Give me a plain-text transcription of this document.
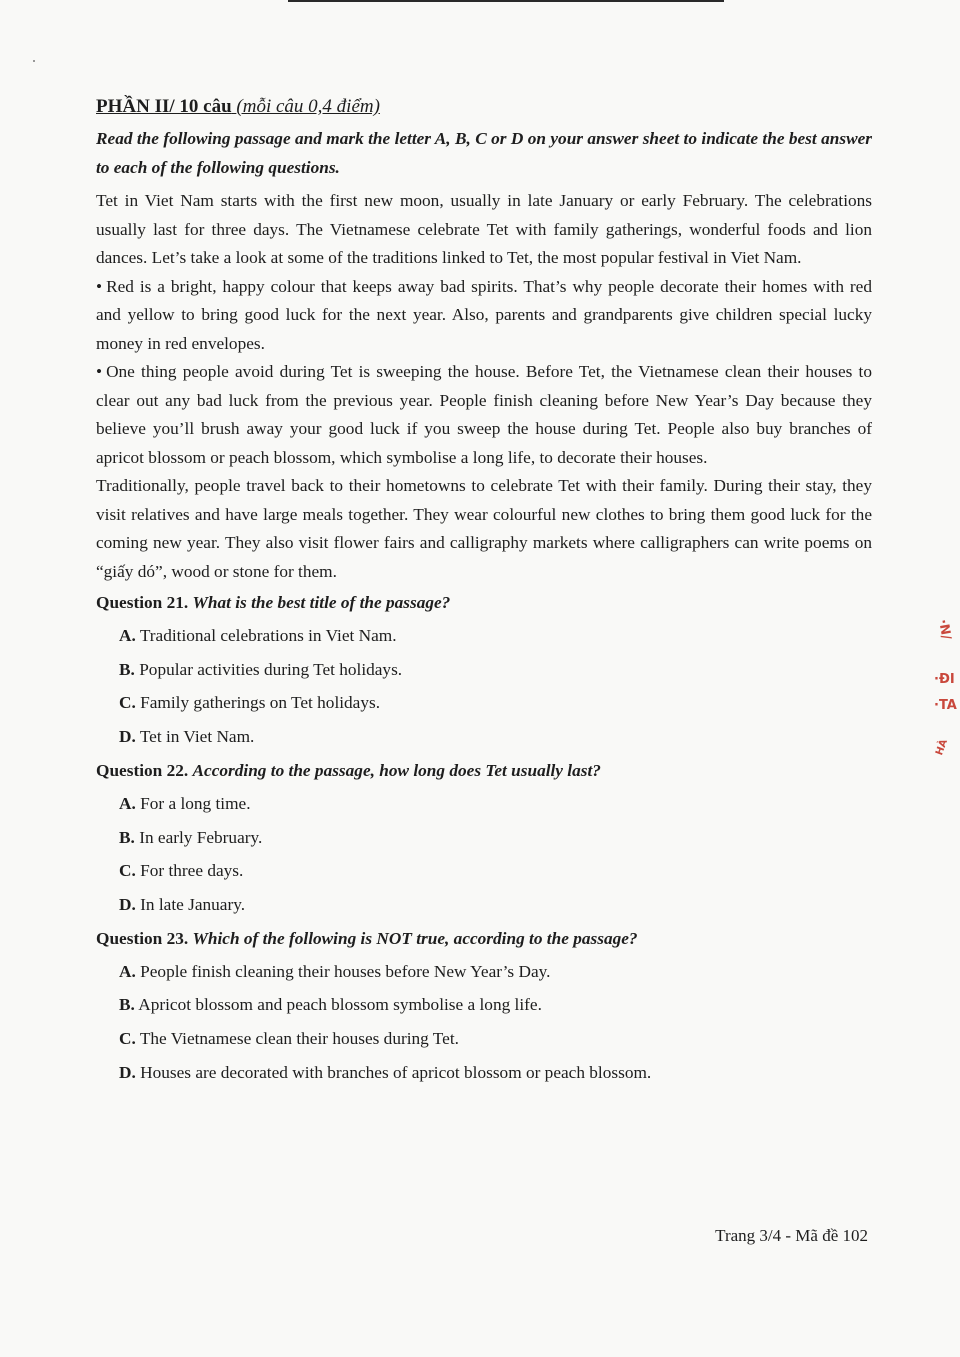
PHẦN II/ 10 câu (mỗi câu 0,4 điểm)
Read the following passage and mark the letter A, B, C or D on your answer sheet to indicate the best answer to each of the following questions.

Tet in Viet Nam starts with the first new moon, usually in late January or early February. The celebrations usually last for three days. The Vietnamese celebrate Tet with family gatherings, wonderful foods and lion dances. Let’s take a look at some of the traditions linked to Tet, the most popular festival in Viet Nam.

• Red is a bright, happy colour that keeps away bad spirits. That’s why people decorate their homes with red and yellow to bring good luck for the next year. Also, parents and grandparents give children special lucky money in red envelopes.

• One thing people avoid during Tet is sweeping the house. Before Tet, the Vietnamese clean their houses to clear out any bad luck from the previous year. People finish cleaning before New Year’s Day because they believe you’ll brush away your good luck if you sweep the house during Tet. People also buy branches of apricot blossom or peach blossom, which symbolise a long life, to decorate their houses.

Traditionally, people travel back to their hometowns to celebrate Tet with their family. During their stay, they visit relatives and have large meals together. They wear colourful new clothes to bring them good luck for the coming new year. They also visit flower fairs and calligraphy markets where calligraphers can write poems on “giấy dó”, wood or stone for them.

Question 21. What is the best title of the passage?
A. Traditional celebrations in Viet Nam.
B. Popular activities during Tet holidays.
C. Family gatherings on Tet holidays.
D. Tet in Viet Nam.
Question 22. According to the passage, how long does Tet usually last?
A. For a long time.
B. In early February.
C. For three days.
D. In late January.
Question 23. Which of the following is NOT true, according to the passage?
A. People finish cleaning their houses before New Year’s Day.
B. Apricot blossom and peach blossom symbolise a long life.
C. The Vietnamese clean their houses during Tet.
D. Houses are decorated with branches of apricot blossom or peach blossom.
Trang 3/4 - Mã đề 102
·N/
·ĐI
·TA
HÀ
